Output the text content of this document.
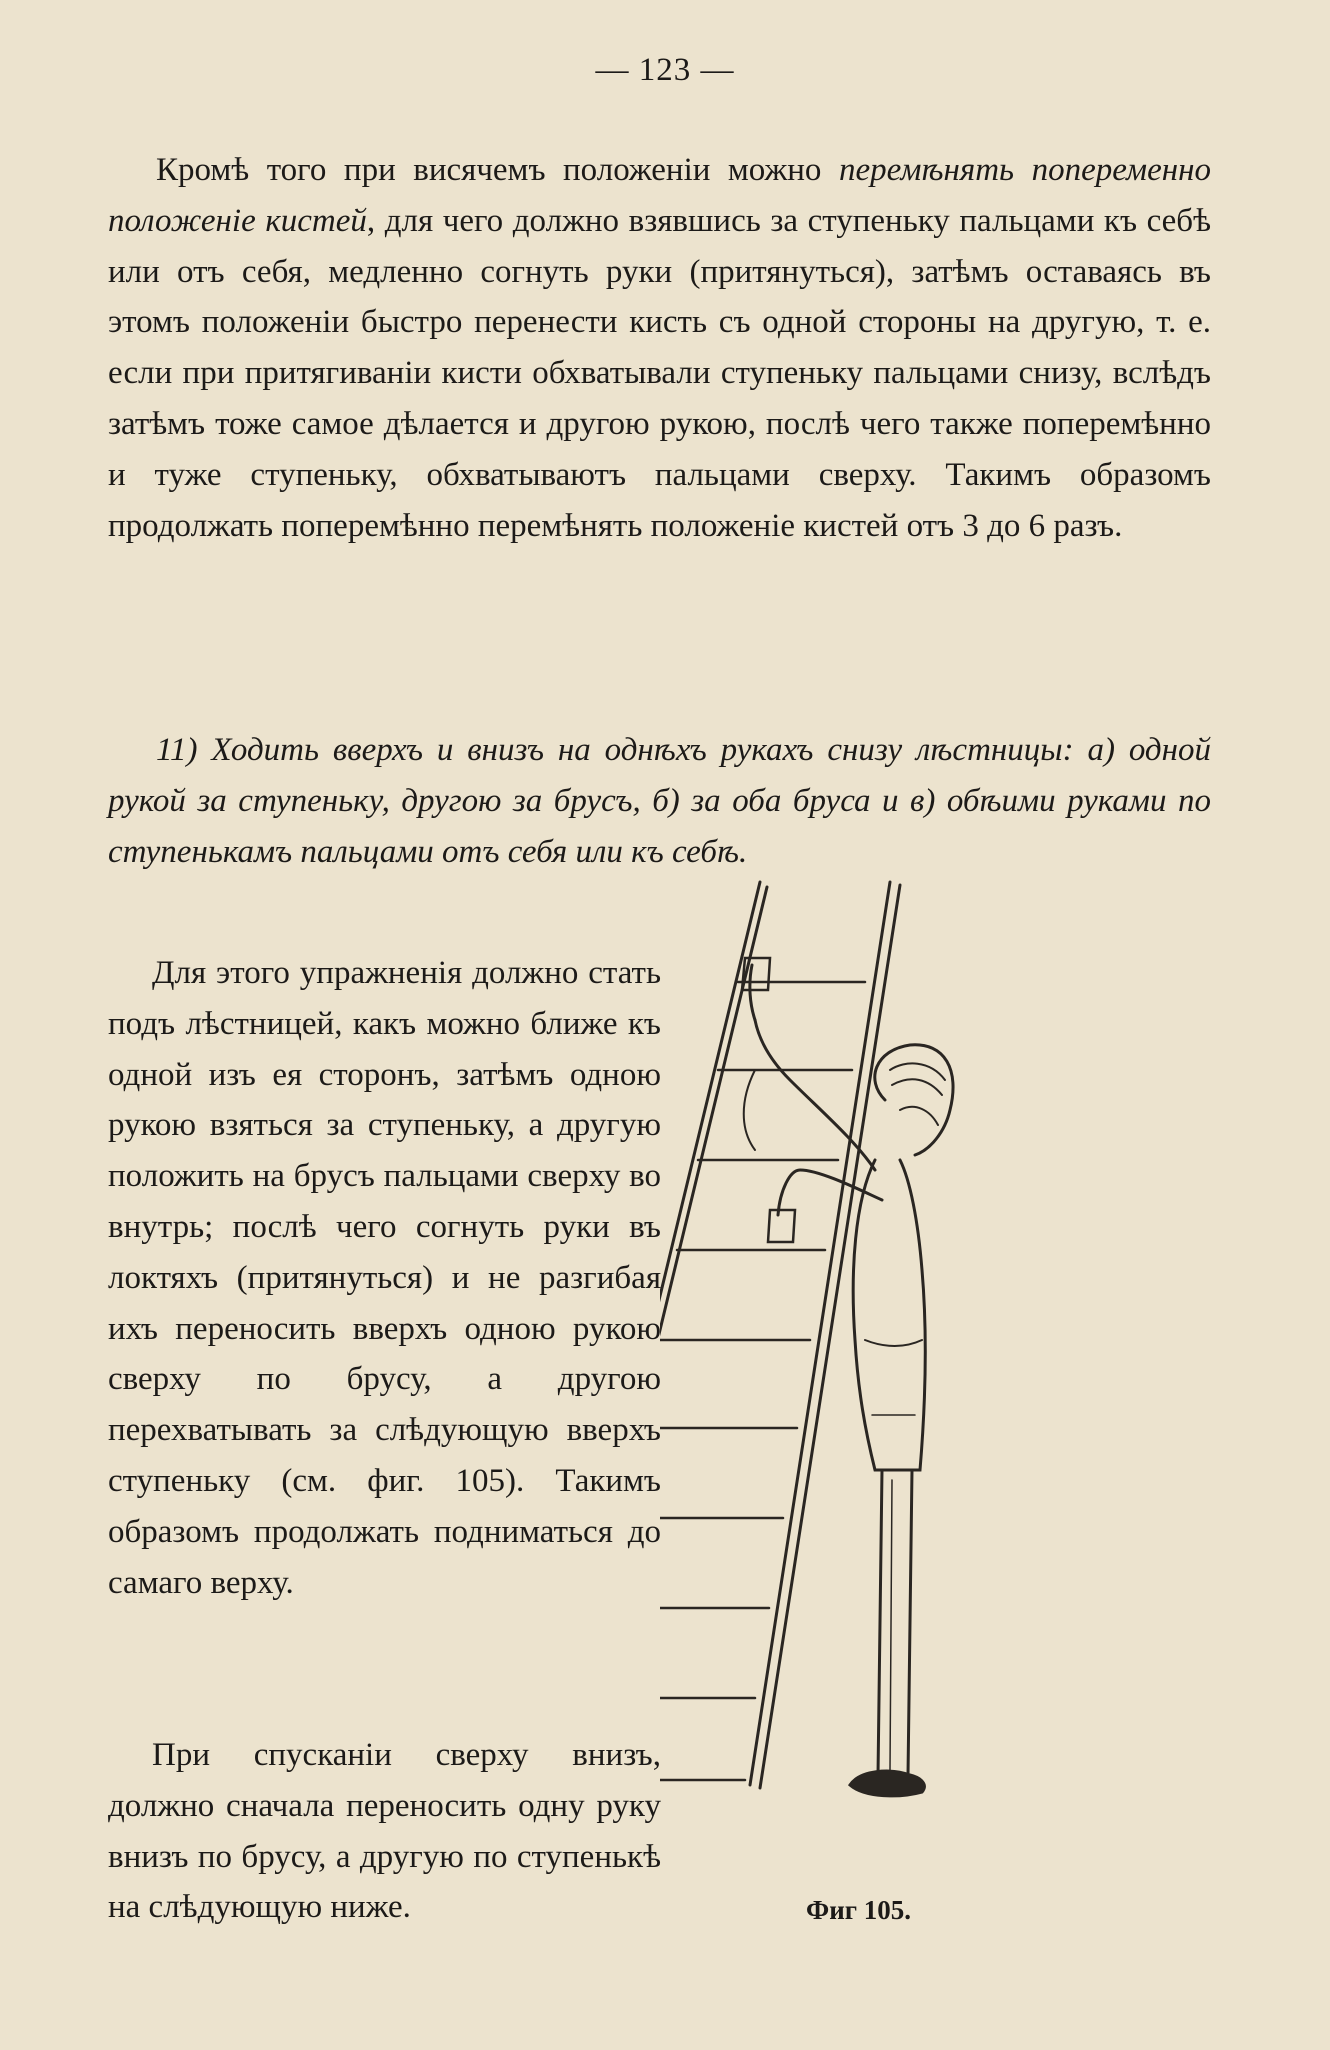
— 123 —

Кромѣ того при висячемъ положенiи можно перемѣнять попеременно положенiе кистей, для чего должно взявшись за ступеньку пальцами къ себѣ или отъ себя, медленно согнуть руки (притянуться), затѣмъ оставаясь въ этомъ положенiи быстро перенести кисть съ одной стороны на другую, т. е. если при притягиванiи кисти обхватывали ступеньку пальцами снизу, вслѣдъ затѣмъ тоже самое дѣлается и другою рукою, послѣ чего также поперемѣнно и туже ступеньку, обхватываютъ пальцами сверху. Такимъ образомъ продолжать поперемѣнно перемѣнять положенiе кистей отъ 3 до 6 разъ.

11) Ходить вверхъ и внизъ на однѣхъ рукахъ снизу лѣстницы: а) одной рукой за ступеньку, другою за брусъ, б) за оба бруса и в) обѣими руками по ступенькамъ пальцами отъ себя или къ себѣ.

Для этого упражненiя должно стать подъ лѣстницей, какъ можно ближе къ одной изъ ея сторонъ, затѣмъ одною рукою взяться за ступеньку, а другую положить на брусъ пальцами сверху во внутрь; послѣ чего согнуть руки въ локтяхъ (притянуться) и не разгибая ихъ переносить вверхъ одною рукою сверху по брусу, а другою перехватывать за слѣдующую вверхъ ступеньку (см. фиг. 105). Такимъ образомъ продолжать подниматься до самаго верху.

При спусканiи сверху внизъ, должно сначала переносить одну руку внизъ по брусу, а другую по ступенькѣ на слѣдующую ниже.	Фиг 105.
